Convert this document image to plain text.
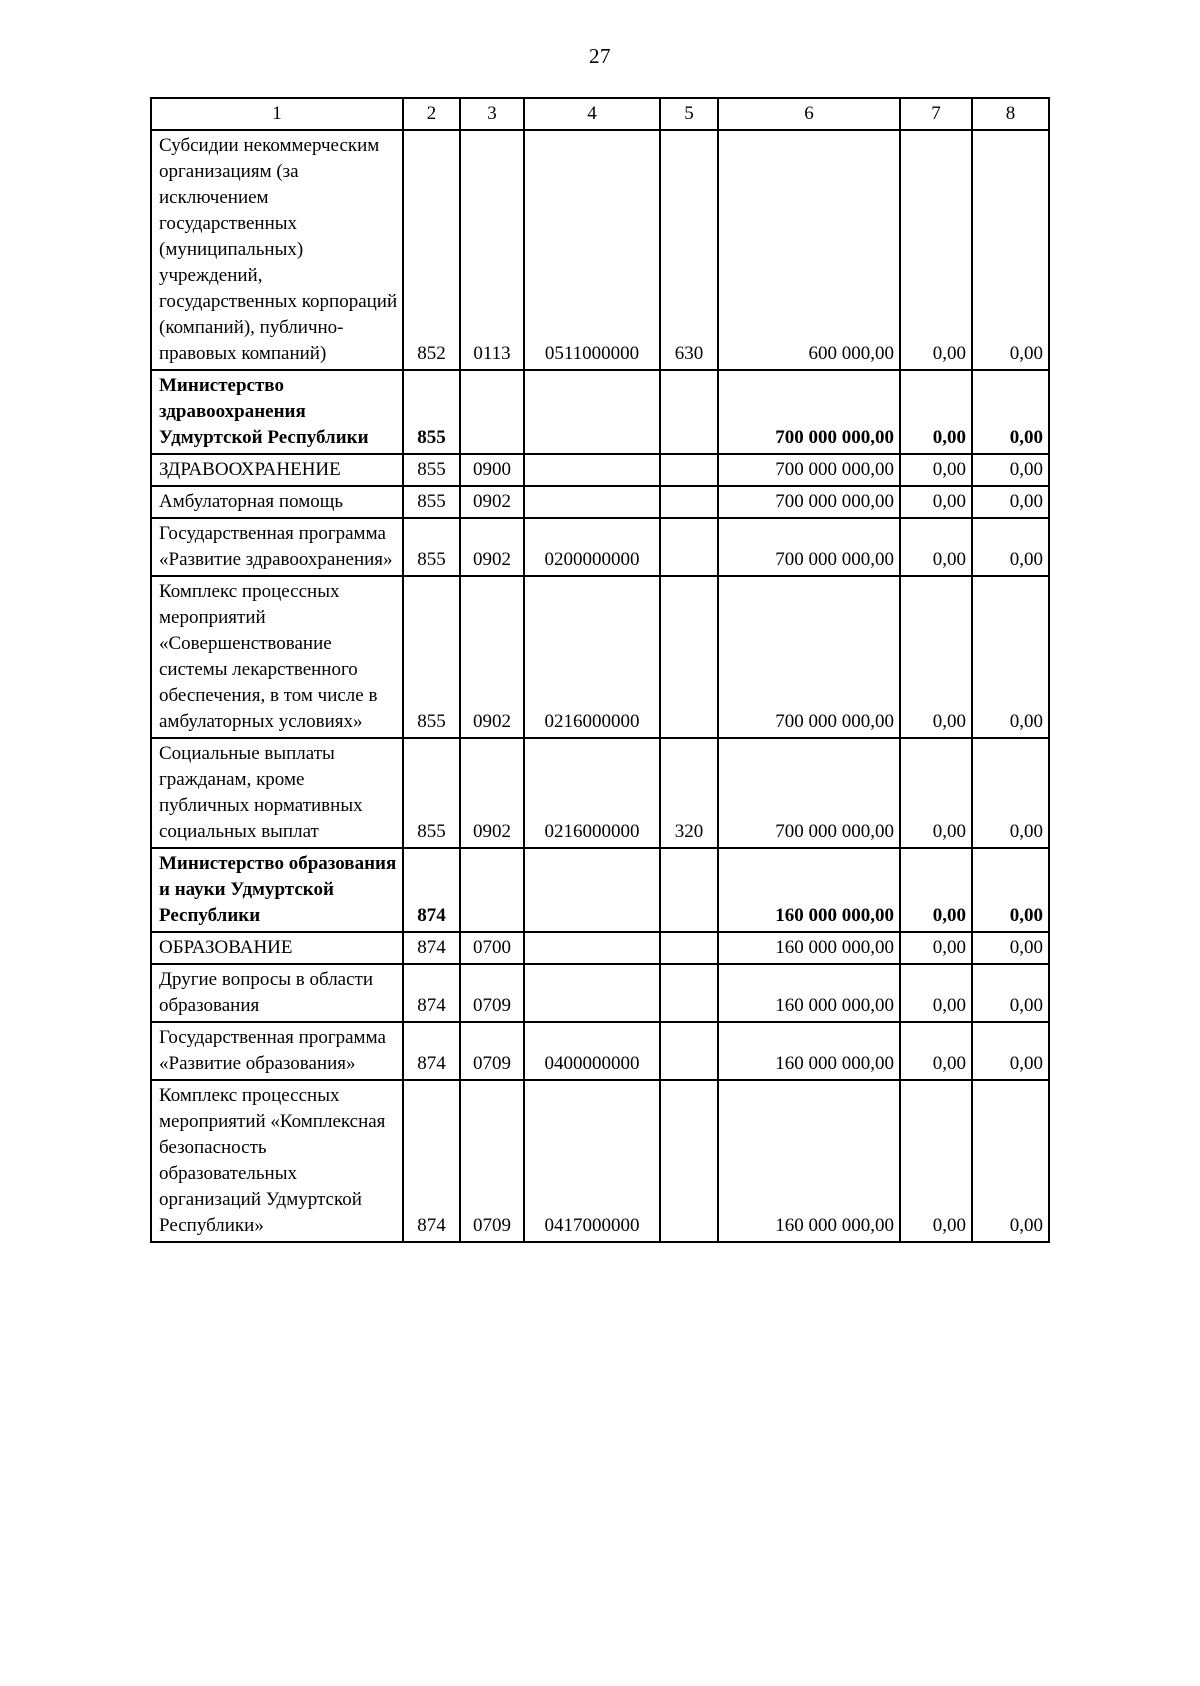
27
1	2	3	4	5	6	7	8
Субсидии некоммерческим организациям (за исключением государственных (муниципальных) учреждений, государственных корпораций (компаний), публично-правовых компаний)	852	0113	0511000000	630	600 000,00	0,00	0,00
Министерство здравоохранения Удмуртской Республики	855				700 000 000,00	0,00	0,00
ЗДРАВООХРАНЕНИЕ	855	0900			700 000 000,00	0,00	0,00
Амбулаторная помощь	855	0902			700 000 000,00	0,00	0,00
Государственная программа «Развитие здравоохранения»	855	0902	0200000000		700 000 000,00	0,00	0,00
Комплекс процессных мероприятий «Совершенствование системы лекарственного обеспечения, в том числе в амбулаторных условиях»	855	0902	0216000000		700 000 000,00	0,00	0,00
Социальные выплаты гражданам, кроме публичных нормативных социальных выплат	855	0902	0216000000	320	700 000 000,00	0,00	0,00
Министерство образования и науки Удмуртской Республики	874				160 000 000,00	0,00	0,00
ОБРАЗОВАНИЕ	874	0700			160 000 000,00	0,00	0,00
Другие вопросы в области образования	874	0709			160 000 000,00	0,00	0,00
Государственная программа «Развитие образования»	874	0709	0400000000		160 000 000,00	0,00	0,00
Комплекс процессных мероприятий «Комплексная безопасность образовательных организаций Удмуртской Республики»	874	0709	0417000000		160 000 000,00	0,00	0,00
